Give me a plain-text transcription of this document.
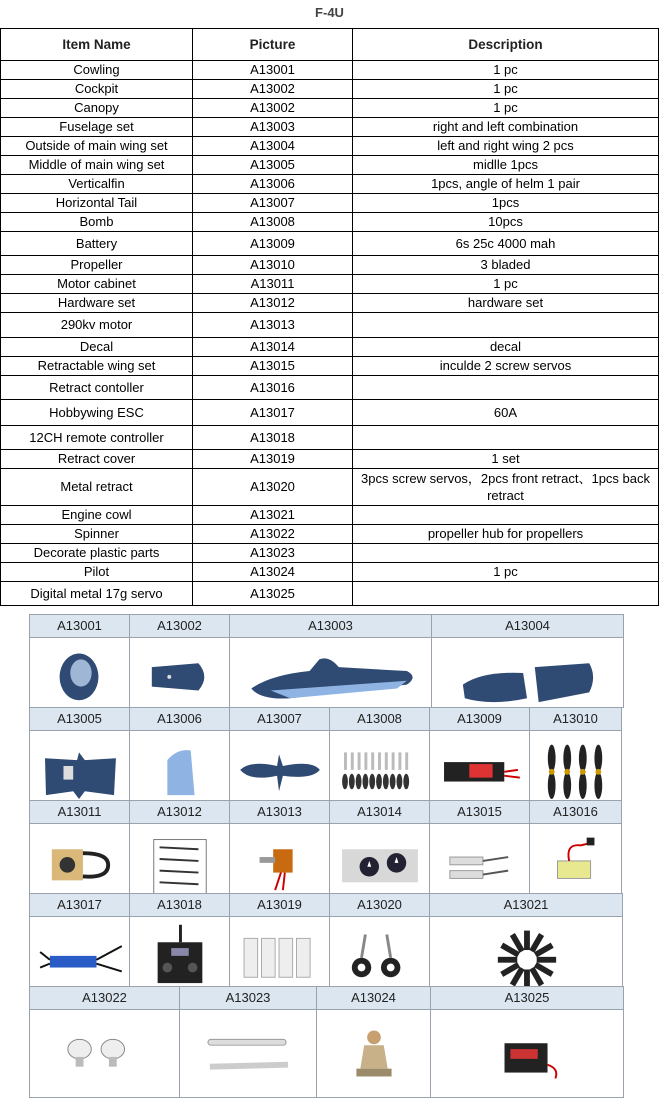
F-4U
Item Name	Picture	Description
Cowling	A13001	1 pc
Cockpit	A13002	1 pc
Canopy	A13002	1 pc
Fuselage set	A13003	right and left combination
Outside of main wing set	A13004	left and right wing 2 pcs
Middle of main wing set	A13005	midlle 1pcs
Verticalfin	A13006	1pcs, angle of helm 1 pair
Horizontal Tail	A13007	1pcs
Bomb	A13008	10pcs
Battery	A13009	6s 25c 4000 mah
Propeller	A13010	3 bladed
Motor cabinet	A13011	1 pc
Hardware set	A13012	hardware set
290kv motor	A13013	
Decal	A13014	decal
Retractable wing set	A13015	inculde 2 screw servos
Retract contoller	A13016	
Hobbywing ESC	A13017	60A
12CH remote controller	A13018	
Retract cover	A13019	1 set
Metal retract	A13020	3pcs screw servos，2pcs front retract、1pcs back retract
Engine cowl	A13021	
Spinner	A13022	propeller hub for propellers
Decorate plastic parts	A13023	
Pilot	A13024	1 pc
Digital metal 17g servo	A13025	
A13001	A13002	A13003	A13004
A13005	A13006	A13007	A13008	A13009	A13010
A13011	A13012	A13013	A13014	A13015	A13016
A13017	A13018	A13019	A13020	A13021
A13022	A13023	A13024	A13025
